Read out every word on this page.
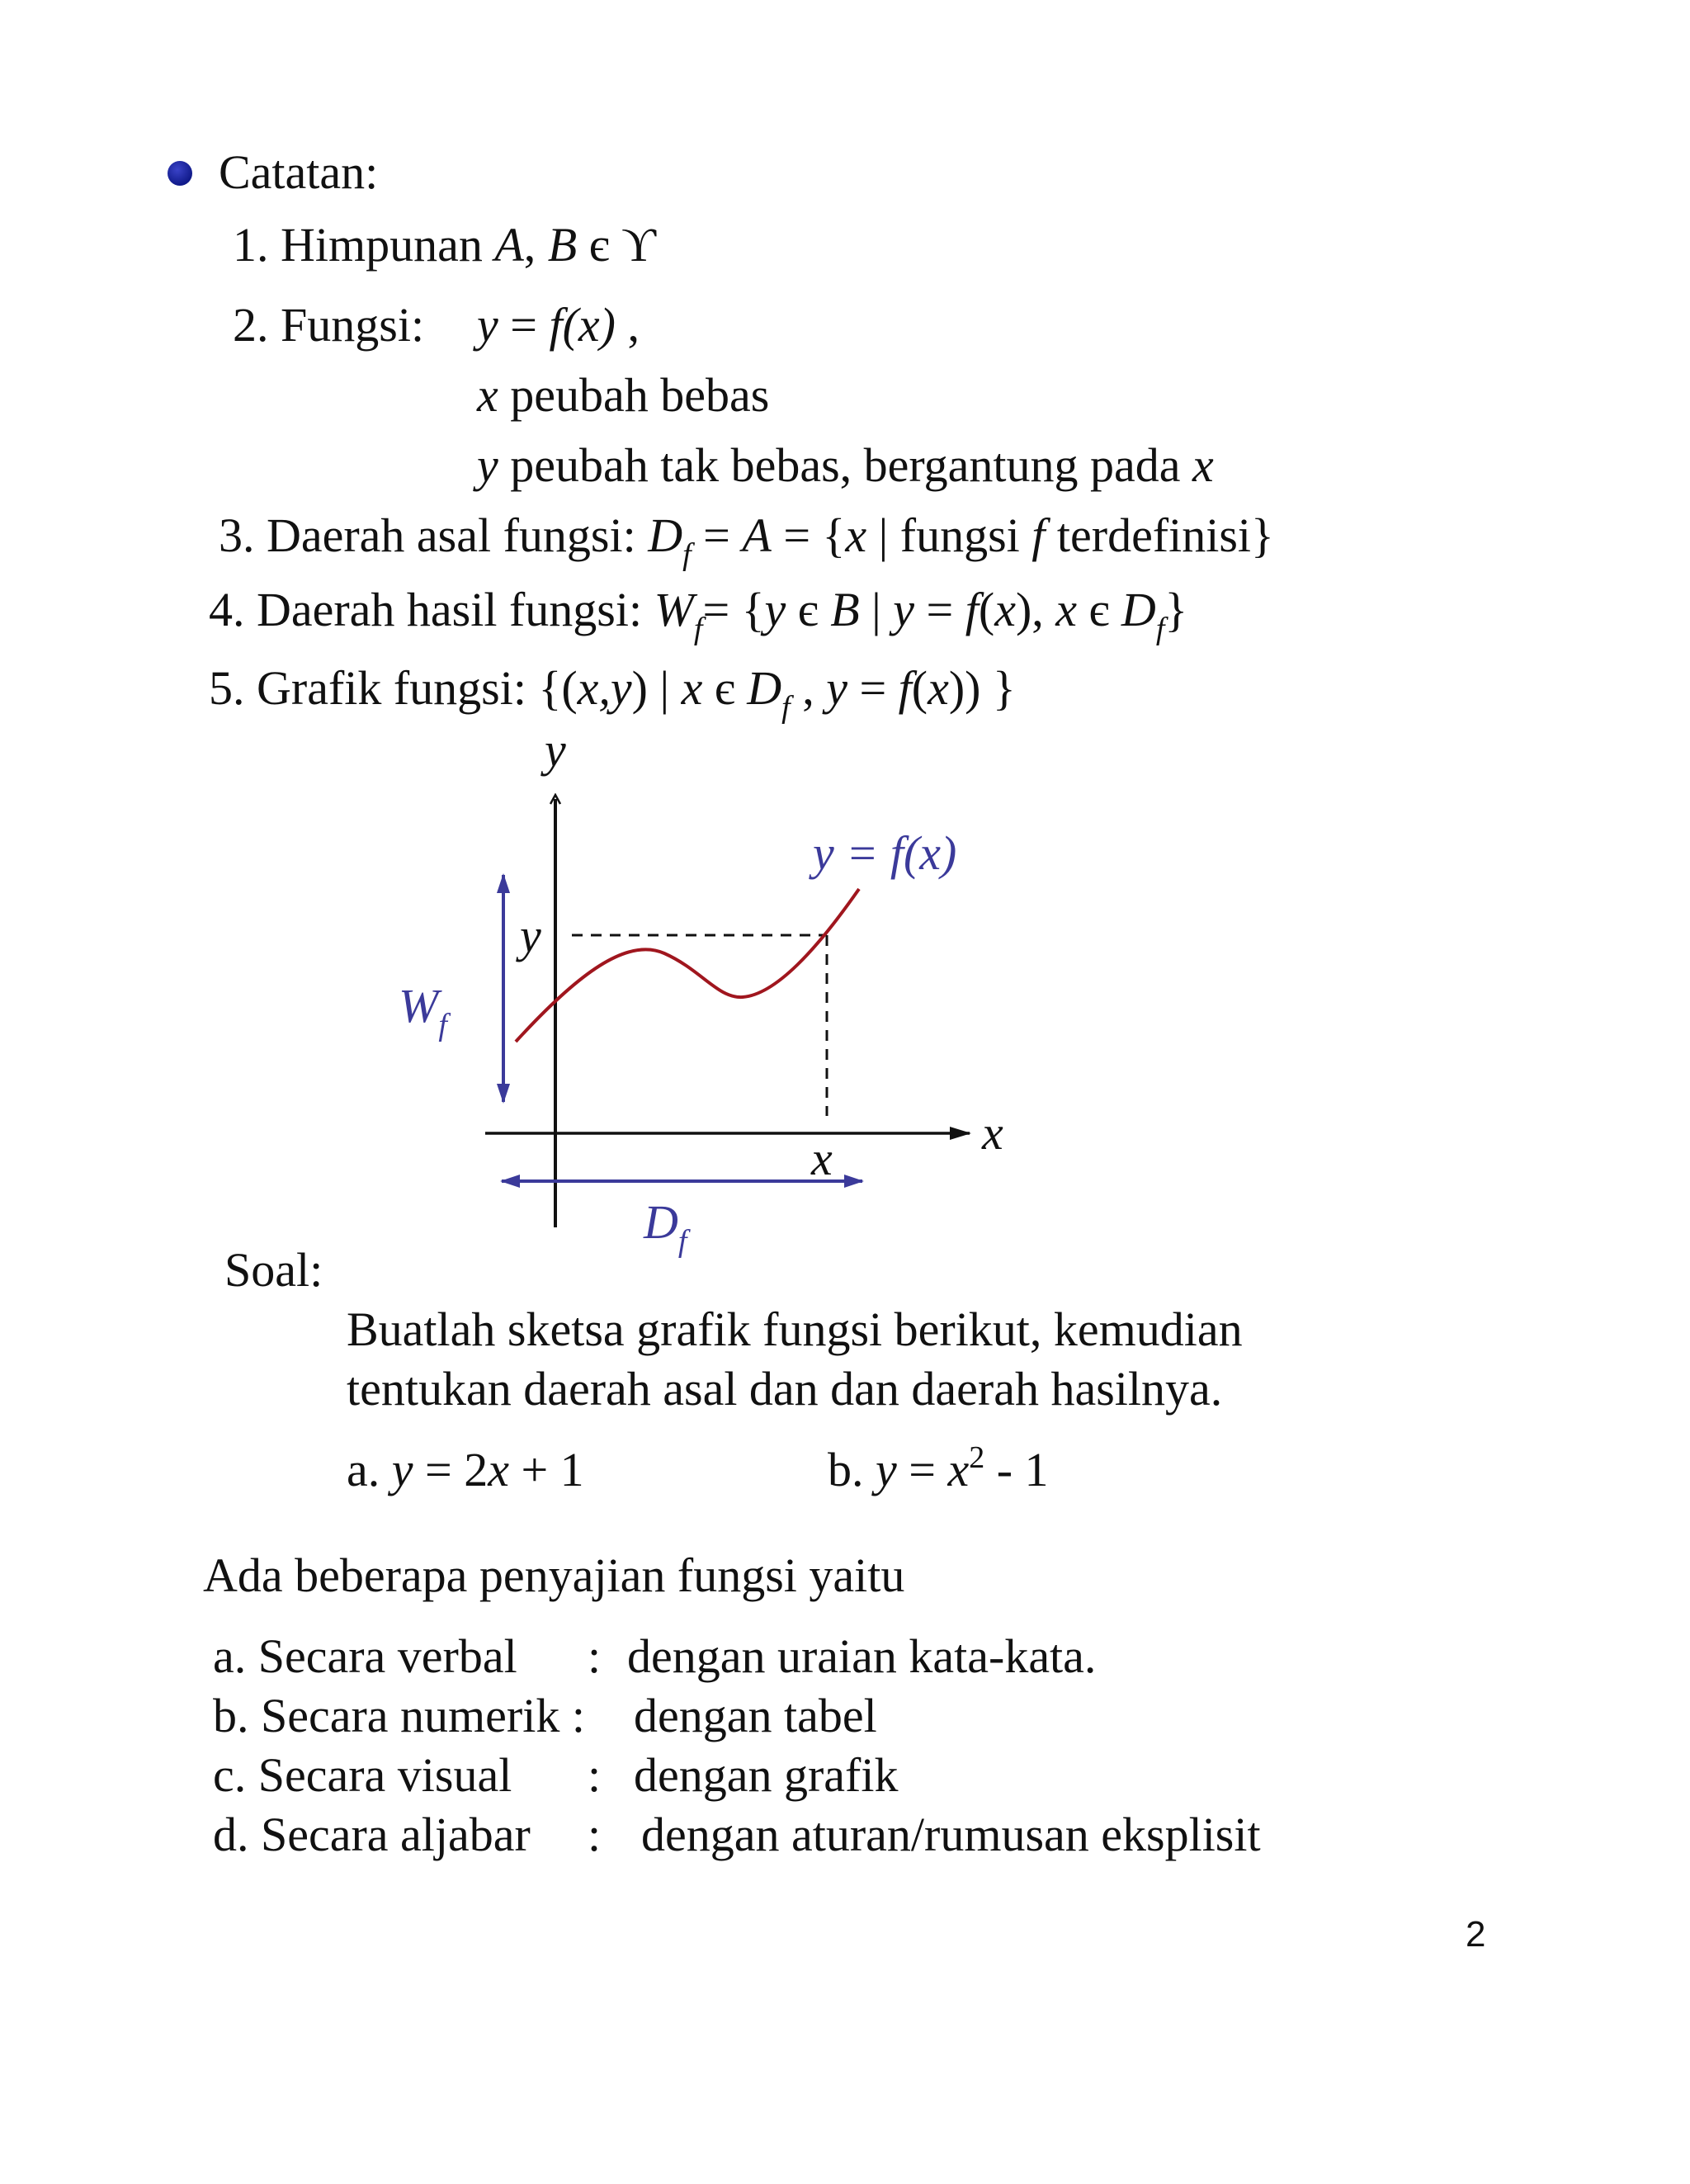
Catatan:
1. Himpunan A, B є ϒ
2. Fungsi: y = f(x) ,
x peubah bebas
y peubah tak bebas, bergantung pada x
3. Daerah asal fungsi: $D_f = A = \{x$ | fungsi f terdefinisi}
4. Daerah hasil fungsi: $W_f= \{y$ є B | y = f(x), x є $D_f$}
5. Grafik fungsi: {(x,y) | x є $D_f$ , y = f(x)) }
y
x
y = f(x)
y
x
$W_f$
$D_f$
Soal:
Buatlah sketsa grafik fungsi berikut, kemudian
tentukan daerah asal dan dan daerah hasilnya.
a. y = 2x + 1	b. $y = x^2 - 1$
Ada beberapa penyajian fungsi yaitu
a. Secara verbal : dengan uraian kata-kata.
b. Secara numerik : dengan tabel
c. Secara visual : dengan grafik
d. Secara aljabar : dengan aturan/rumusan eksplisit
2
